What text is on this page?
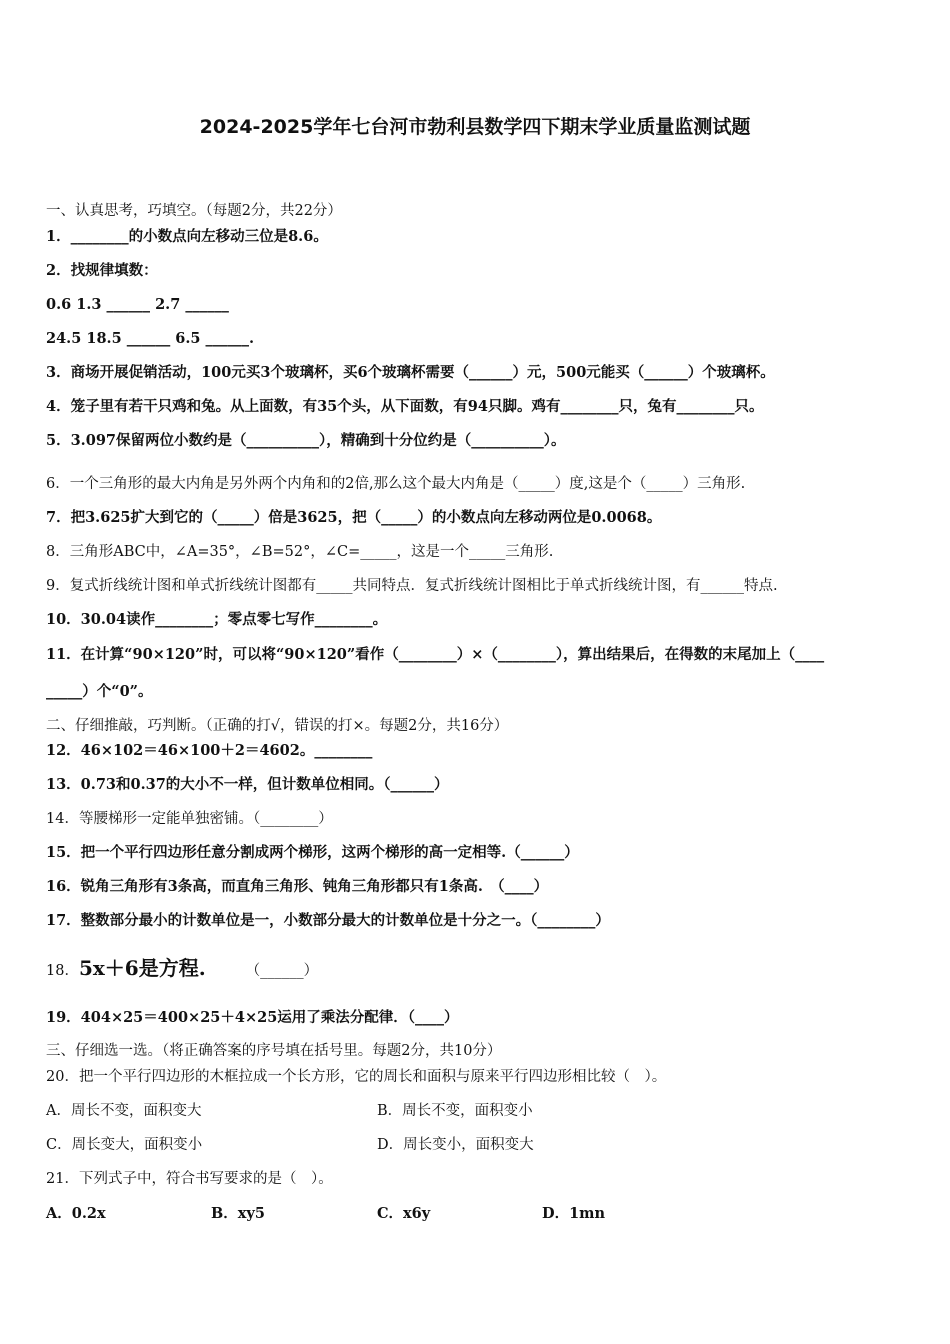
2024-2025学年七台河市勃利县数学四下期末学业质量监测试题
一、认真思考，巧填空。（每题2分，共22分）
1．________的小数点向左移动三位是8.6。
2．找规律填数：
0.6 1.3 ______ 2.7 ______
24.5 18.5 ______ 6.5 ______.
3．商场开展促销活动，100元买3个玻璃杯，买6个玻璃杯需要（______）元，500元能买（______）个玻璃杯。
4．笼子里有若干只鸡和兔。从上面数，有35个头，从下面数，有94只脚。鸡有________只，兔有________只。
5．3.097保留两位小数约是（__________），精确到十分位约是（__________）。
6．一个三角形的最大内角是另外两个内角和的2倍,那么这个最大内角是（_____）度,这是个（_____）三角形.
7．把3.625扩大到它的（_____）倍是3625，把（_____）的小数点向左移动两位是0.0068。
8．三角形ABC中，∠A=35°，∠B=52°，∠C=_____，这是一个_____三角形.
9．复式折线统计图和单式折线统计图都有_____共同特点．复式折线统计图相比于单式折线统计图，有______特点.
10．30.04读作________；零点零七写作________。
11．在计算“90×120”时，可以将“90×120”看作（________）×（________），算出结果后，在得数的末尾加上（____
_____）个“0”。
二、仔细推敲，巧判断。（正确的打√，错误的打×。每题2分，共16分）
12．46×102＝46×100＋2＝4602。________
13．0.73和0.37的大小不一样，但计数单位相同。（______）
14．等腰梯形一定能单独密铺。（________）
15．把一个平行四边形任意分割成两个梯形，这两个梯形的高一定相等.（______）
16．锐角三角形有3条高，而直角三角形、钝角三角形都只有1条高.　（____）
17．整数部分最小的计数单位是一，小数部分最大的计数单位是十分之一。（________）
18．5x＋6是方程.	（______）
19．404×25＝400×25＋4×25运用了乘法分配律．（____）
三、仔细选一选。（将正确答案的序号填在括号里。每题2分，共10分）
20．把一个平行四边形的木框拉成一个长方形，它的周长和面积与原来平行四边形相比较（　）。
A．周长不变，面积变大	B．周长不变，面积变小
C．周长变大，面积变小	D．周长变小，面积变大
21．下列式子中，符合书写要求的是（　）。
A．0.2x	B．xy5	C．x6y	D．1mn
